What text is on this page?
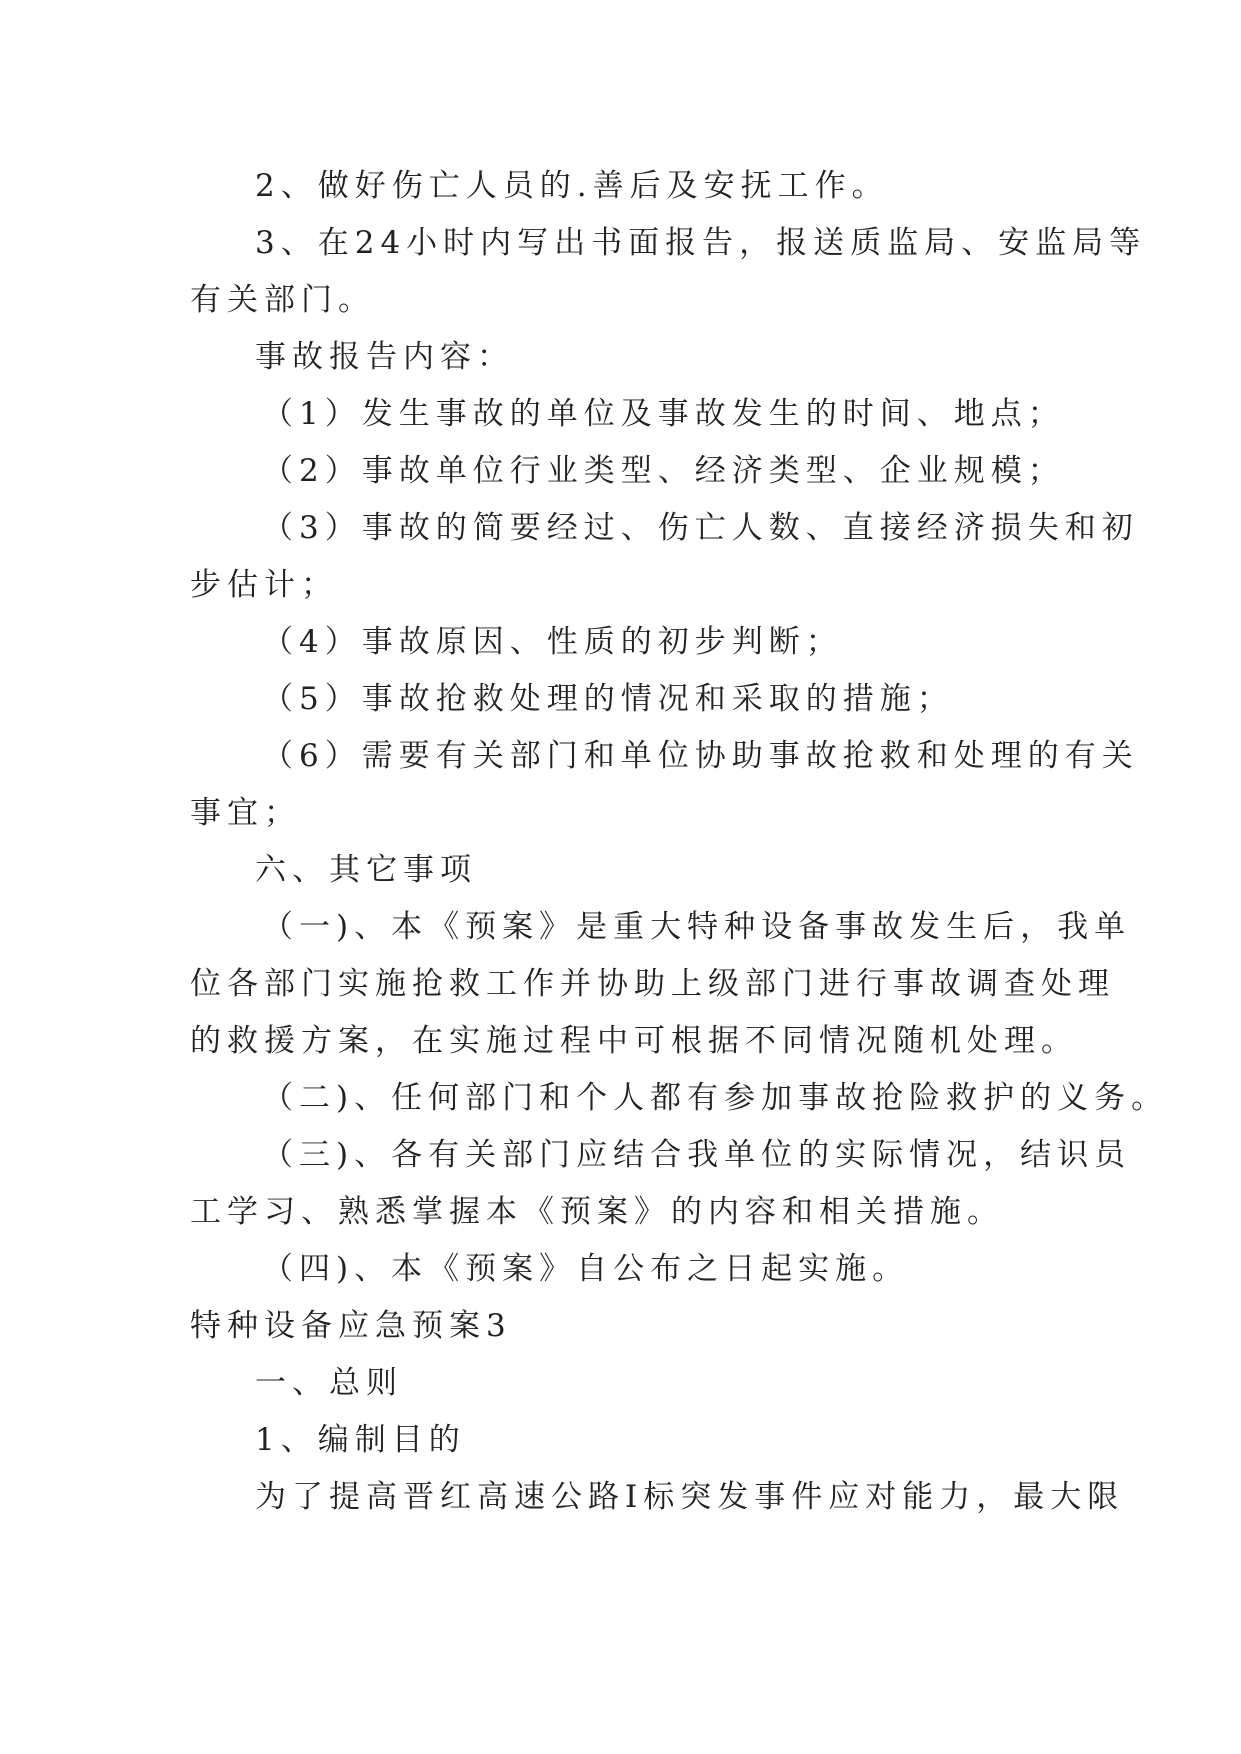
2、做好伤亡人员的.善后及安抚工作。
3、在24小时内写出书面报告，报送质监局、安监局等
有关部门。
事故报告内容：
（1）发生事故的单位及事故发生的时间、地点；
（2）事故单位行业类型、经济类型、企业规模；
（3）事故的简要经过、伤亡人数、直接经济损失和初
步估计；
（4）事故原因、性质的初步判断；
（5）事故抢救处理的情况和采取的措施；
（6）需要有关部门和单位协助事故抢救和处理的有关
事宜；
六、其它事项
（一)、本《预案》是重大特种设备事故发生后，我单
位各部门实施抢救工作并协助上级部门进行事故调查处理
的救援方案，在实施过程中可根据不同情况随机处理。
（二)、任何部门和个人都有参加事故抢险救护的义务。
（三)、各有关部门应结合我单位的实际情况，结识员
工学习、熟悉掌握本《预案》的内容和相关措施。
（四)、本《预案》自公布之日起实施。
特种设备应急预案3
一、总则
1、编制目的
为了提高晋红高速公路Ⅰ标突发事件应对能力，最大限
